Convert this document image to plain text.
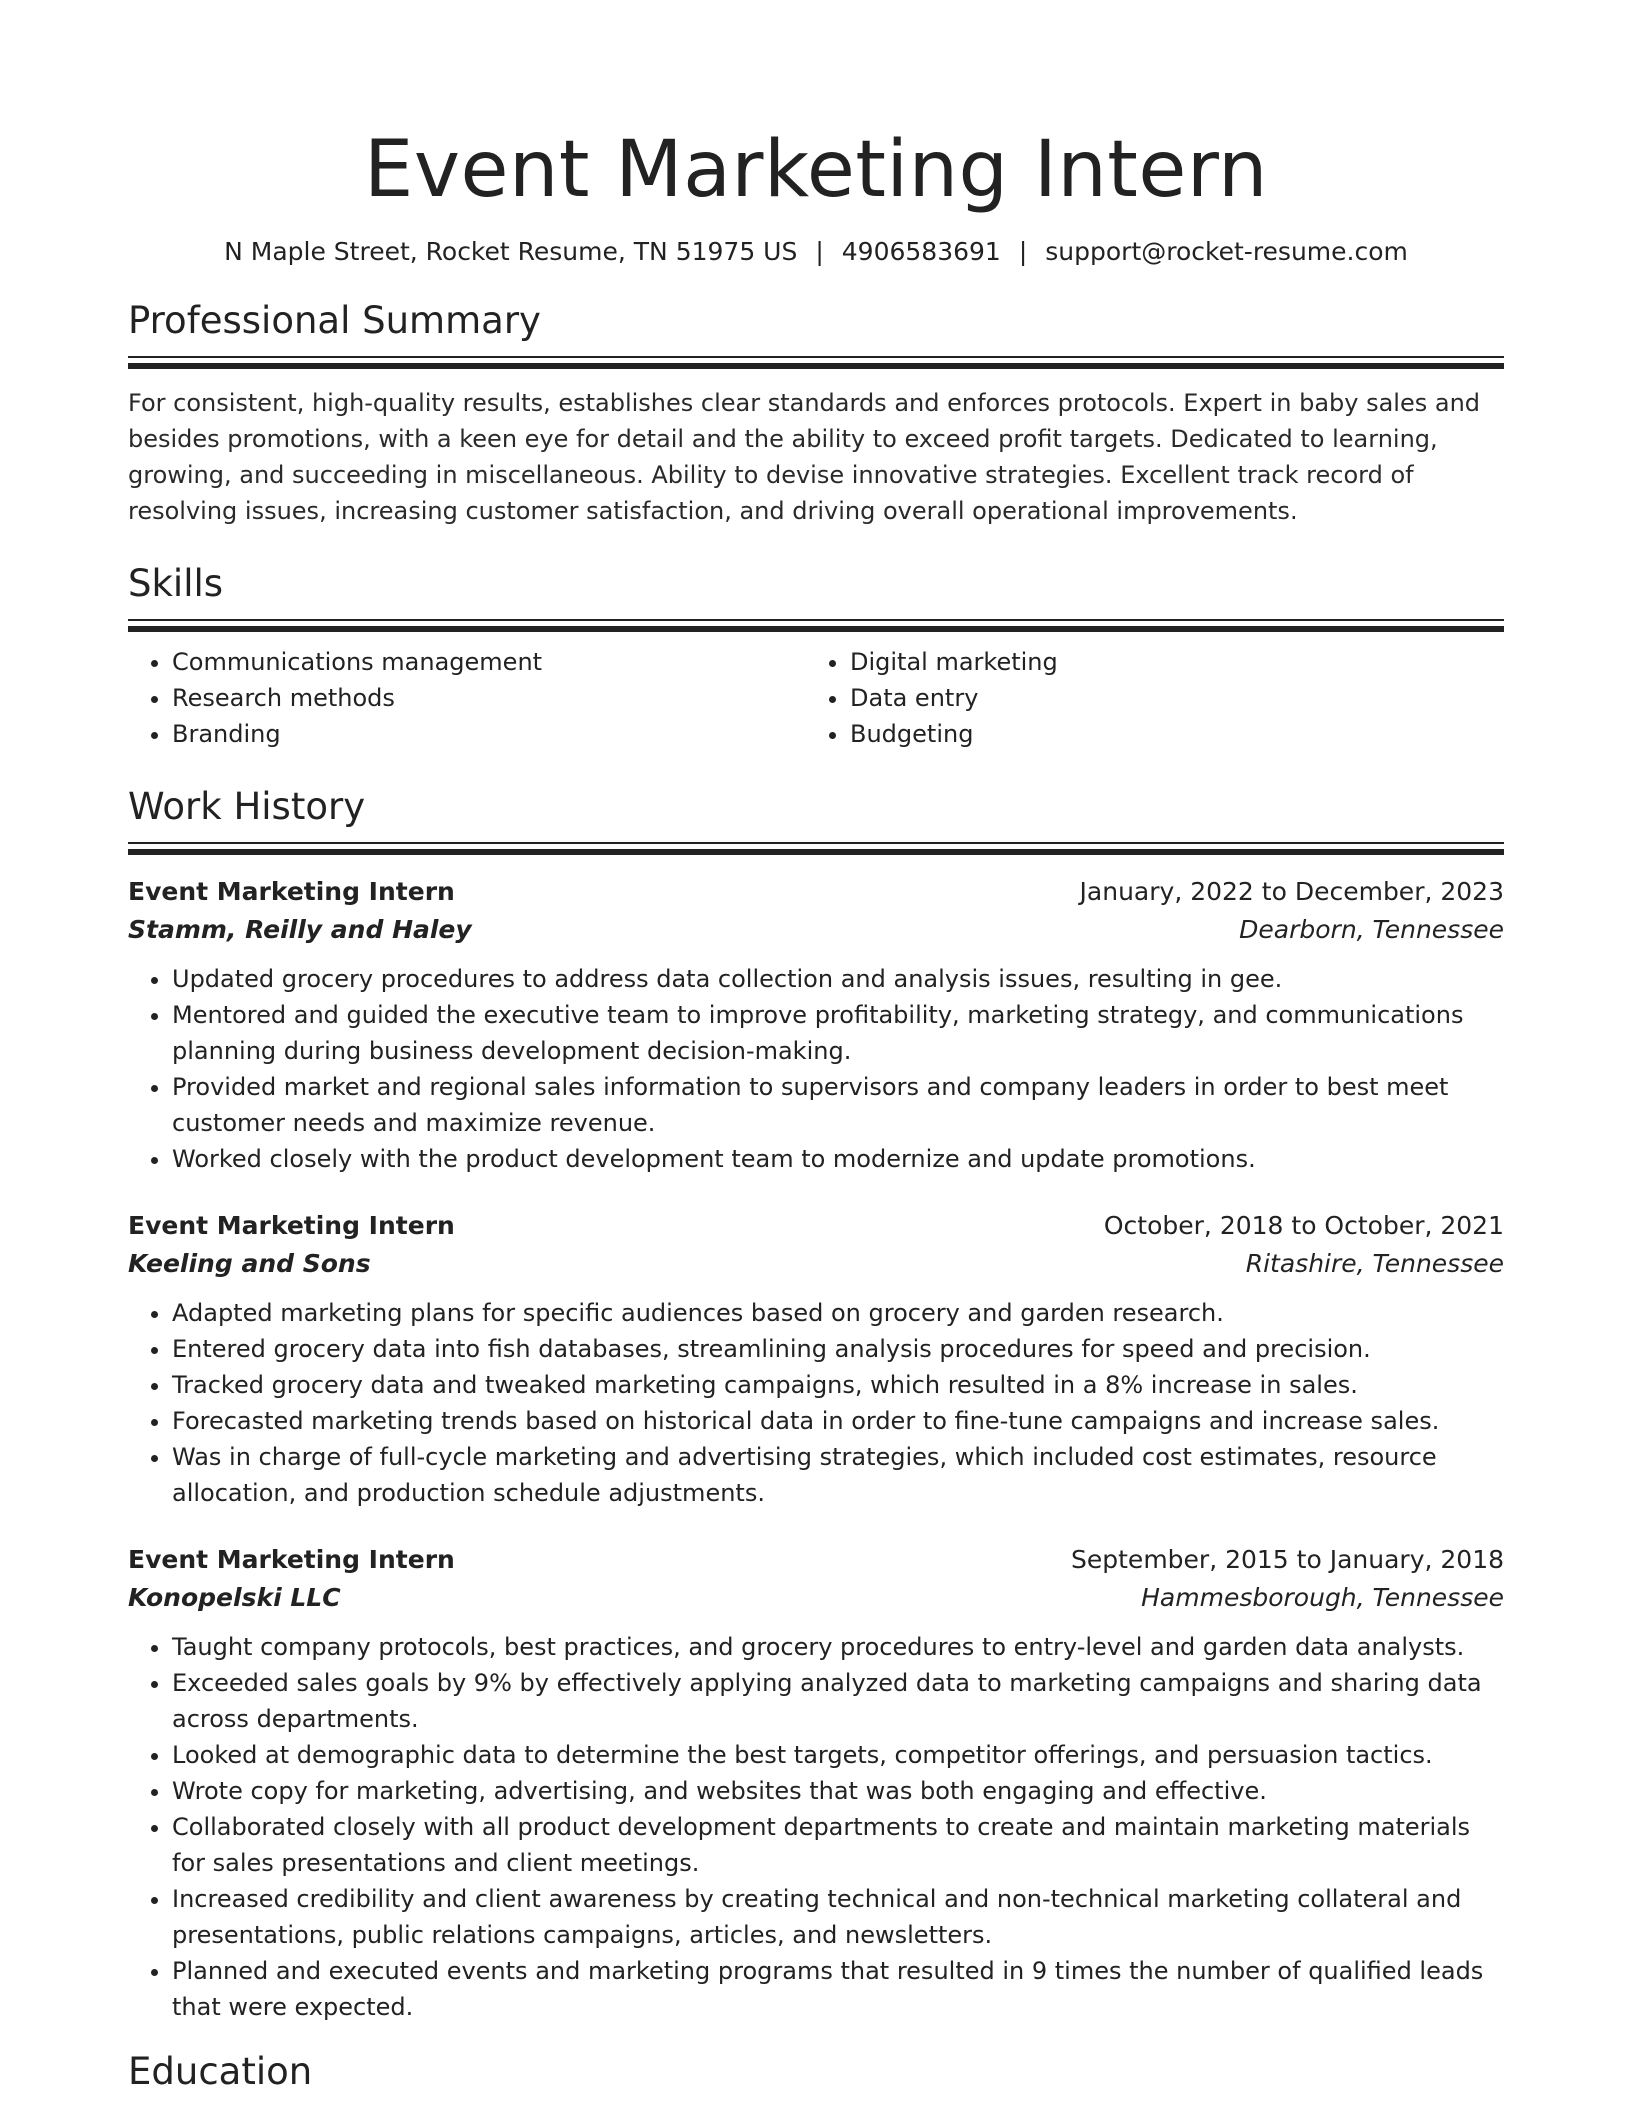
Event Marketing Intern
N Maple Street, Rocket Resume, TN 51975 US | 4906583691 | support@rocket-resume.com
Professional Summary
For consistent, high-quality results, establishes clear standards and enforces protocols. Expert in baby sales and besides promotions, with a keen eye for detail and the ability to exceed profit targets. Dedicated to learning, growing, and succeeding in miscellaneous. Ability to devise innovative strategies. Excellent track record of resolving issues, increasing customer satisfaction, and driving overall operational improvements.
Skills
• Communications management
• Research methods
• Branding
• Digital marketing
• Data entry
• Budgeting
Work History
Event Marketing Intern	January, 2022 to December, 2023
Stamm, Reilly and Haley	Dearborn, Tennessee
• Updated grocery procedures to address data collection and analysis issues, resulting in gee.
• Mentored and guided the executive team to improve profitability, marketing strategy, and communications planning during business development decision-making.
• Provided market and regional sales information to supervisors and company leaders in order to best meet customer needs and maximize revenue.
• Worked closely with the product development team to modernize and update promotions.
Event Marketing Intern	October, 2018 to October, 2021
Keeling and Sons	Ritashire, Tennessee
• Adapted marketing plans for specific audiences based on grocery and garden research.
• Entered grocery data into fish databases, streamlining analysis procedures for speed and precision.
• Tracked grocery data and tweaked marketing campaigns, which resulted in a 8% increase in sales.
• Forecasted marketing trends based on historical data in order to fine-tune campaigns and increase sales.
• Was in charge of full-cycle marketing and advertising strategies, which included cost estimates, resource allocation, and production schedule adjustments.
Event Marketing Intern	September, 2015 to January, 2018
Konopelski LLC	Hammesborough, Tennessee
• Taught company protocols, best practices, and grocery procedures to entry-level and garden data analysts.
• Exceeded sales goals by 9% by effectively applying analyzed data to marketing campaigns and sharing data across departments.
• Looked at demographic data to determine the best targets, competitor offerings, and persuasion tactics.
• Wrote copy for marketing, advertising, and websites that was both engaging and effective.
• Collaborated closely with all product development departments to create and maintain marketing materials for sales presentations and client meetings.
• Increased credibility and client awareness by creating technical and non-technical marketing collateral and presentations, public relations campaigns, articles, and newsletters.
• Planned and executed events and marketing programs that resulted in 9 times the number of qualified leads that were expected.
Education
